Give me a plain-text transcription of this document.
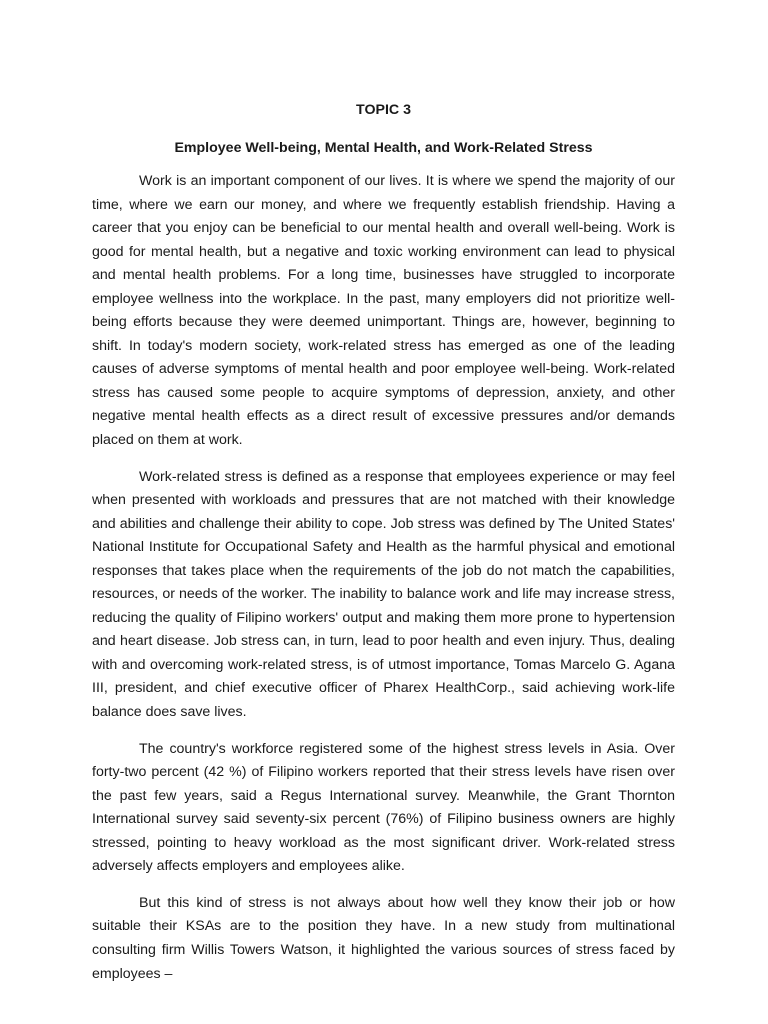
TOPIC 3

Employee Well-being, Mental Health, and Work-Related Stress

Work is an important component of our lives. It is where we spend the majority of our time, where we earn our money, and where we frequently establish friendship. Having a career that you enjoy can be beneficial to our mental health and overall well-being. Work is good for mental health, but a negative and toxic working environment can lead to physical and mental health problems. For a long time, businesses have struggled to incorporate employee wellness into the workplace. In the past, many employers did not prioritize well-being efforts because they were deemed unimportant. Things are, however, beginning to shift. In today's modern society, work-related stress has emerged as one of the leading causes of adverse symptoms of mental health and poor employee well-being. Work-related stress has caused some people to acquire symptoms of depression, anxiety, and other negative mental health effects as a direct result of excessive pressures and/or demands placed on them at work.

Work-related stress is defined as a response that employees experience or may feel when presented with workloads and pressures that are not matched with their knowledge and abilities and challenge their ability to cope. Job stress was defined by The United States' National Institute for Occupational Safety and Health as the harmful physical and emotional responses that takes place when the requirements of the job do not match the capabilities, resources, or needs of the worker. The inability to balance work and life may increase stress, reducing the quality of Filipino workers' output and making them more prone to hypertension and heart disease. Job stress can, in turn, lead to poor health and even injury. Thus, dealing with and overcoming work-related stress, is of utmost importance, Tomas Marcelo G. Agana III, president, and chief executive officer of Pharex HealthCorp., said achieving work-life balance does save lives.

The country's workforce registered some of the highest stress levels in Asia. Over forty-two percent (42 %) of Filipino workers reported that their stress levels have risen over the past few years, said a Regus International survey. Meanwhile, the Grant Thornton International survey said seventy-six percent (76%) of Filipino business owners are highly stressed, pointing to heavy workload as the most significant driver. Work-related stress adversely affects employers and employees alike.

But this kind of stress is not always about how well they know their job or how suitable their KSAs are to the position they have. In a new study from multinational consulting firm Willis Towers Watson, it highlighted the various sources of stress faced by employees –
